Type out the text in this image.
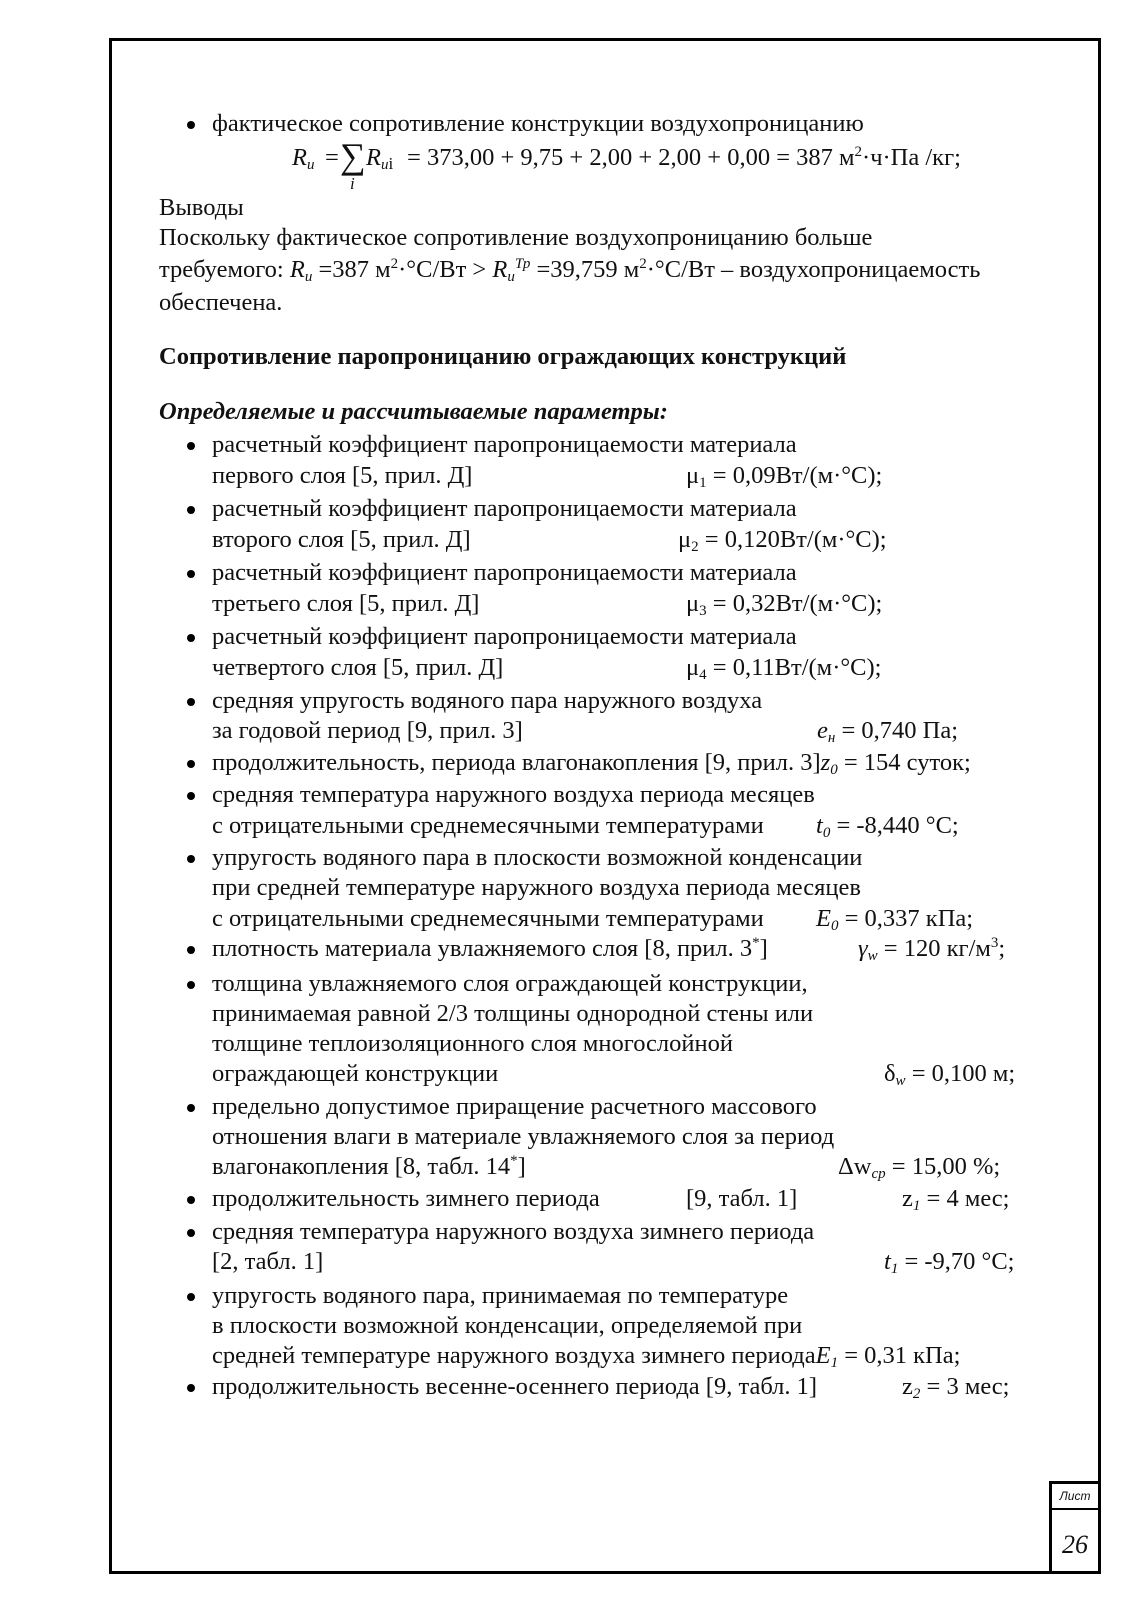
фактическое сопротивление конструкции воздухопроницанию
$R_u$ = ∑
i
$R_{ui} = 373,00 + 9,75 + 2,00 + 2,00 + 0,00 = 387$ $м^2\cdot ч\cdot Па$ /кг;
Выводы
Поскольку фактическое сопротивление воздухопроницанию больше
требуемого: $R_u =387$ $м^2\cdot^\circ С/Вт > R_u^{Тр} =39,759$ $м^2\cdot^\circ С/Вт$ – воздухопроницаемость
обеспечена.
Сопротивление паропроницанию ограждающих конструкций
Определяемые и рассчитываемые параметры:
расчетный коэффициент паропроницаемости материала
первого слоя [5, прил. Д]	$\mu_1 = 0,09Вт/(м\cdot^\circ С)$;
расчетный коэффициент паропроницаемости материала
второго слоя [5, прил. Д]	$\mu_2 = 0,120Вт/(м\cdot^\circ С)$;
расчетный коэффициент паропроницаемости материала
третьего слоя [5, прил. Д]	$\mu_3 = 0,32Вт/(м\cdot^\circ С)$;
расчетный коэффициент паропроницаемости материала
четвертого слоя [5, прил. Д]	$\mu_4 = 0,11Вт/(м\cdot^\circ С)$;
средняя упругость водяного пара наружного воздуха
за годовой период [9, прил. 3]	$e_н = 0,740$ Па;
продолжительность, периода влагонакопления [9, прил. $3]z_0 = 154$ суток;
средняя температура наружного воздуха периода месяцев
с отрицательными среднемесячными температурами $t_0 = -8,440$ °С;
упругость водяного пара в плоскости возможной конденсации
при средней температуре наружного воздуха периода месяцев
с отрицательными среднемесячными температурами $E_0 = 0,337$ кПа;
плотность материала увлажняемого слоя [8, прил. 3*]	$\gamma_w = 120$ $кг/м^3$;
толщина увлажняемого слоя ограждающей конструкции,
принимаемая равной 2/3 толщины однородной стены или
толщине теплоизоляционного слоя многослойной
ограждающей конструкции	$\delta_w = 0,100$ м;
предельно допустимое приращение расчетного массового
отношения влаги в материале увлажняемого слоя за период
влагонакопления [8, табл. 14*]	$\Delta w_{ср} = 15,00$ %;
продолжительность зимнего периода	[9, табл. 1]	$z_1 = 4$ мес;
средняя температура наружного воздуха зимнего периода
[2, табл. 1]	$t_1 = -9,70$ °С;
упругость водяного пара, принимаемая по температуре
в плоскости возможной конденсации, определяемой при
средней температуре наружного воздуха зимнего периодаE$_1$ = 0,31 кПа;
продолжительность весенне-осеннего периода [9, табл. 1]	$z_2 = 3$ мес;
Лист
26
